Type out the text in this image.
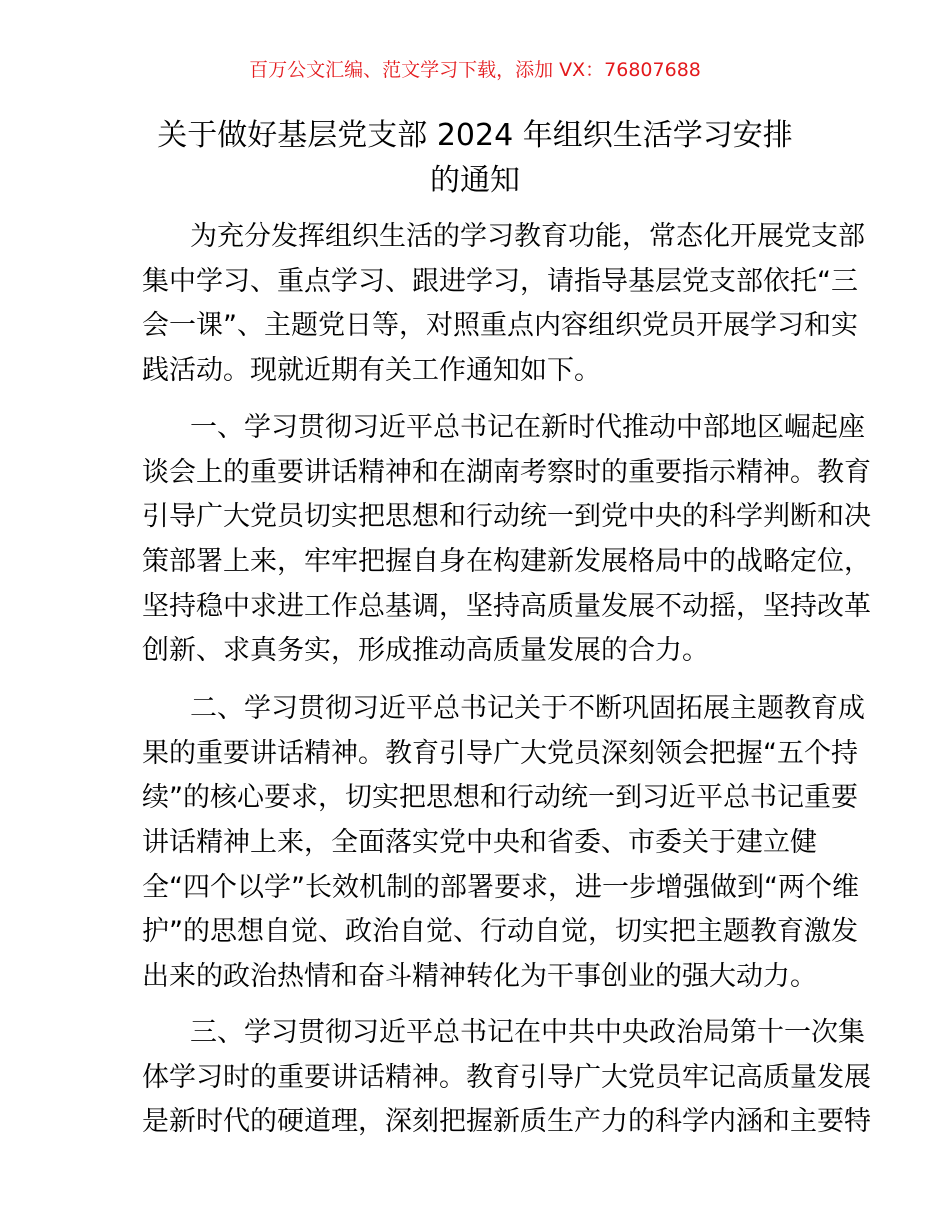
百万公文汇编、范文学习下载，添加 VX：76807688
关于做好基层党支部 2024 年组织生活学习安排
的通知
为充分发挥组织生活的学习教育功能，常态化开展党支部
集中学习、重点学习、跟进学习，请指导基层党支部依托“三
会一课”、主题党日等，对照重点内容组织党员开展学习和实
践活动。现就近期有关工作通知如下。
一、学习贯彻习近平总书记在新时代推动中部地区崛起座
谈会上的重要讲话精神和在湖南考察时的重要指示精神。教育
引导广大党员切实把思想和行动统一到党中央的科学判断和决
策部署上来，牢牢把握自身在构建新发展格局中的战略定位，
坚持稳中求进工作总基调，坚持高质量发展不动摇，坚持改革
创新、求真务实，形成推动高质量发展的合力。
二、学习贯彻习近平总书记关于不断巩固拓展主题教育成
果的重要讲话精神。教育引导广大党员深刻领会把握“五个持
续”的核心要求，切实把思想和行动统一到习近平总书记重要
讲话精神上来，全面落实党中央和省委、市委关于建立健
全“四个以学”长效机制的部署要求，进一步增强做到“两个维
护”的思想自觉、政治自觉、行动自觉，切实把主题教育激发
出来的政治热情和奋斗精神转化为干事创业的强大动力。
三、学习贯彻习近平总书记在中共中央政治局第十一次集
体学习时的重要讲话精神。教育引导广大党员牢记高质量发展
是新时代的硬道理，深刻把握新质生产力的科学内涵和主要特
